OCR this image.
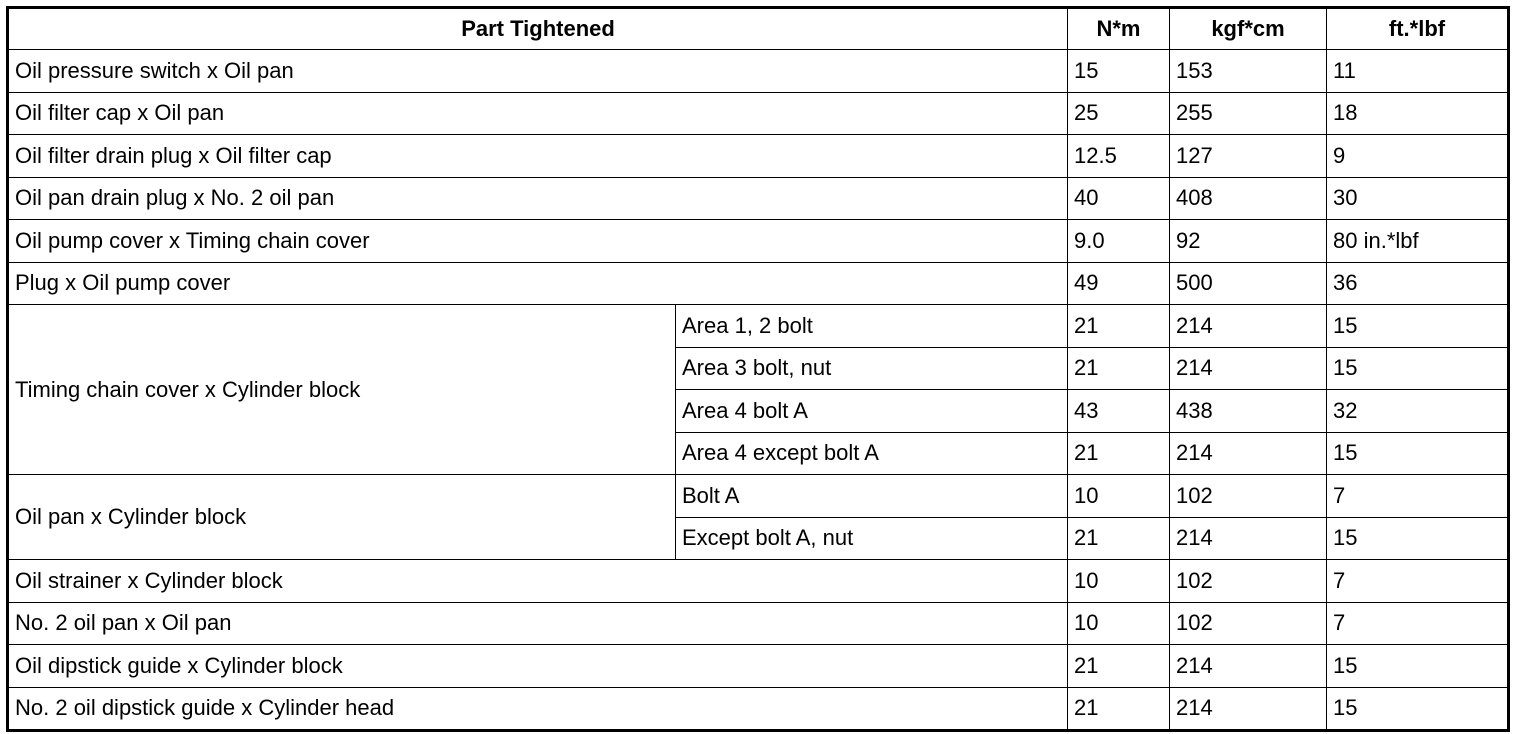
Part Tightened		N*m	kgf*cm	ft.*lbf
Oil pressure switch x Oil pan		15	153	11
Oil filter cap x Oil pan		25	255	18
Oil filter drain plug x Oil filter cap		12.5	127	9
Oil pan drain plug x No. 2 oil pan		40	408	30
Oil pump cover x Timing chain cover		9.0	92	80 in.*lbf
Plug x Oil pump cover		49	500	36
Timing chain cover x Cylinder block	Area 1, 2 bolt	21	214	15
	Area 3 bolt, nut	21	214	15
	Area 4 bolt A	43	438	32
	Area 4 except bolt A	21	214	15
Oil pan x Cylinder block	Bolt A	10	102	7
	Except bolt A, nut	21	214	15
Oil strainer x Cylinder block		10	102	7
No. 2 oil pan x Oil pan		10	102	7
Oil dipstick guide x Cylinder block		21	214	15
No. 2 oil dipstick guide x Cylinder head		21	214	15
